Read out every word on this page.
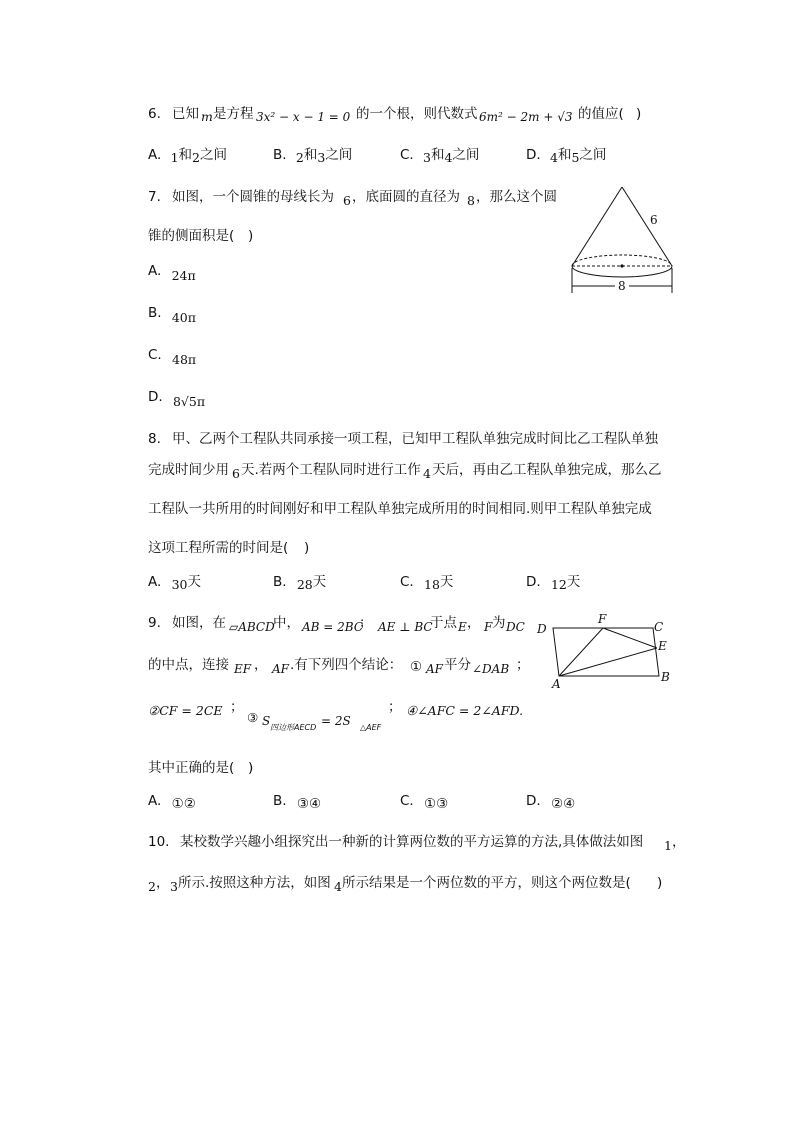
6. 已知 m 是方程 3x² − x − 1 = 0 的一个根，则代数式 6m² − 2m + √3 的值应( )
A. 1和2之间	B. 2和3之间	C. 3和4之间	D. 4和5之间
7. 如图，一个圆锥的母线长为 6 ，底面圆的直径为 8 ，那么这个圆
锥的侧面积是( )
6
8
A. 24π
B. 40π
C. 48π
D. 8√5π
8. 甲、乙两个工程队共同承接一项工程，已知甲工程队单独完成时间比乙工程队单独
完成时间少用 6 天.若两个工程队同时进行工作 4 天后，再由乙工程队单独完成，那么乙
工程队一共所用的时间刚好和甲工程队单独完成所用的时间相同.则甲工程队单独完成
这项工程所需的时间是( )
A. 30天	B. 28天	C. 18天	D. 12天
9. 如图，在 ▱ABCD
中， AB = 2BC
； AE ⊥ BC
于点 E ， F 为 DC
的中点，连接 EF ， AF .有下列四个结论： ① AF 平分 ∠DAB ；
②CF = 2CE ；
③ S 四边形AECD = 2S △AEF
； ④∠AFC = 2∠AFD.
其中正确的是( )
D
F
C
E
A	B
A. ①②	B. ③④	C. ①③	D. ②④
10. 某校数学兴趣小组探究出一种新的计算两位数的平方运算的方法,具体做法如图 1 ，
2 ， 3 所示.按照这种方法，如图 4 所示结果是一个两位数的平方，则这个两位数是( )
